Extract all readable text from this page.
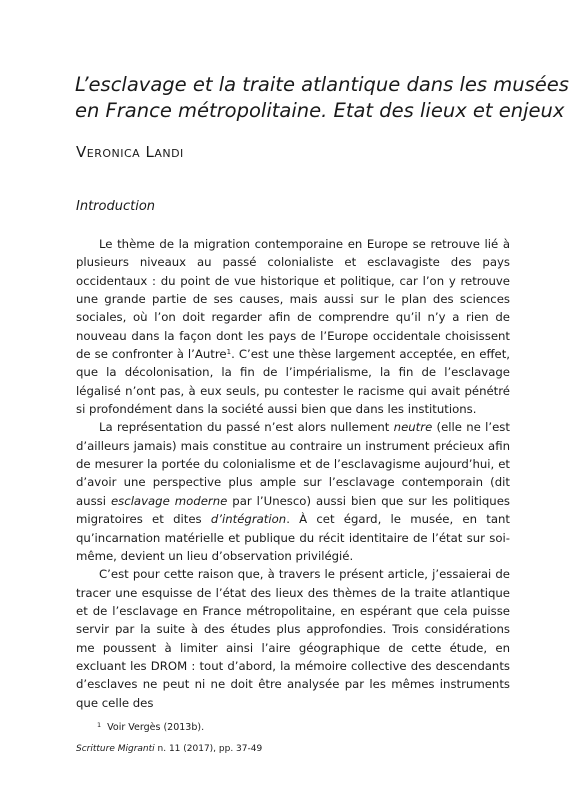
L’esclavage et la traite atlantique dans les musées
en France métropolitaine. Etat des lieux et enjeux

Veronica Landi

Introduction

Le thème de la migration contemporaine en Europe se retrouve lié à plusieurs niveaux au passé colonialiste et esclavagiste des pays occidentaux : du point de vue historique et politique, car l’on y retrouve une grande partie de ses causes, mais aussi sur le plan des sciences sociales, où l’on doit regarder afin de comprendre qu’il n’y a rien de nouveau dans la façon dont les pays de l’Europe occidentale choisissent de se confronter à l’Autre$^1$. C’est une thèse largement acceptée, en effet, que la décolonisation, la fin de l’impérialisme, la fin de l’esclavage légalisé n’ont pas, à eux seuls, pu contester le racisme qui avait pénétré si profondément dans la société aussi bien que dans les institutions.

La représentation du passé n’est alors nullement neutre (elle ne l’est d’ailleurs jamais) mais constitue au contraire un instrument précieux afin de mesurer la portée du colonialisme et de l’esclavagisme aujourd’hui, et d’avoir une perspective plus ample sur l’esclavage contemporain (dit aussi esclavage moderne par l’Unesco) aussi bien que sur les politiques migratoires et dites d’intégration. À cet égard, le musée, en tant qu’incarnation matérielle et publique du récit identitaire de l’état sur soi-même, devient un lieu d’observation privilégié.

C’est pour cette raison que, à travers le présent article, j’essaierai de tracer une esquisse de l’état des lieux des thèmes de la traite atlantique et de l’esclavage en France métropolitaine, en espérant que cela puisse servir par la suite à des études plus approfondies. Trois considérations me poussent à limiter ainsi l’aire géographique de cette étude, en excluant les DROM : tout d’abord, la mémoire collective des descendants d’esclaves ne peut ni ne doit être analysée par les mêmes instruments que celle des

$^1$ Voir Vergès (2013b).

Scritture Migranti n. 11 (2017), pp. 37-49
